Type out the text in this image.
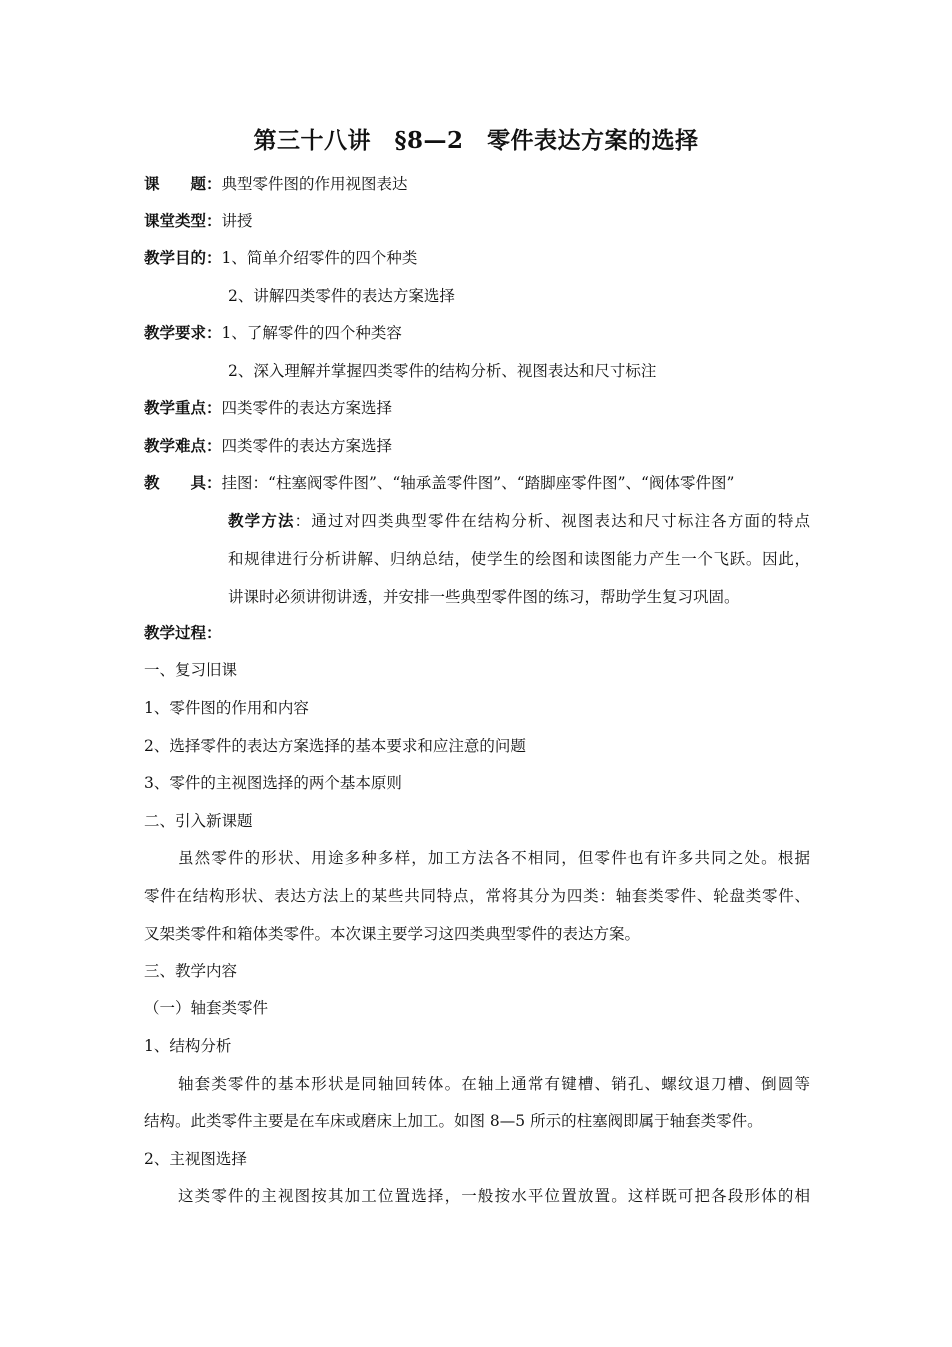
第三十八讲　§8—2　零件表达方案的选择
课　　题：典型零件图的作用视图表达
课堂类型：讲授
教学目的：1、简单介绍零件的四个种类
2、讲解四类零件的表达方案选择
教学要求：1、了解零件的四个种类容
2、深入理解并掌握四类零件的结构分析、视图表达和尺寸标注
教学重点：四类零件的表达方案选择
教学难点：四类零件的表达方案选择
教　　具：挂图：“柱塞阀零件图”、“轴承盖零件图”、“踏脚座零件图”、“阀体零件图”
教学方法：通过对四类典型零件在结构分析、视图表达和尺寸标注各方面的特点
和规律进行分析讲解、归纳总结，使学生的绘图和读图能力产生一个飞跃。因此，
讲课时必须讲彻讲透，并安排一些典型零件图的练习，帮助学生复习巩固。
教学过程：
一、复习旧课
1、零件图的作用和内容
2、选择零件的表达方案选择的基本要求和应注意的问题
3、零件的主视图选择的两个基本原则
二、引入新课题
虽然零件的形状、用途多种多样，加工方法各不相同，但零件也有许多共同之处。根据
零件在结构形状、表达方法上的某些共同特点，常将其分为四类：轴套类零件、轮盘类零件、
叉架类零件和箱体类零件。本次课主要学习这四类典型零件的表达方案。
三、教学内容
（一）轴套类零件
1、结构分析
轴套类零件的基本形状是同轴回转体。在轴上通常有键槽、销孔、螺纹退刀槽、倒圆等
结构。此类零件主要是在车床或磨床上加工。如图 8—5 所示的柱塞阀即属于轴套类零件。
2、主视图选择
这类零件的主视图按其加工位置选择，一般按水平位置放置。这样既可把各段形体的相
